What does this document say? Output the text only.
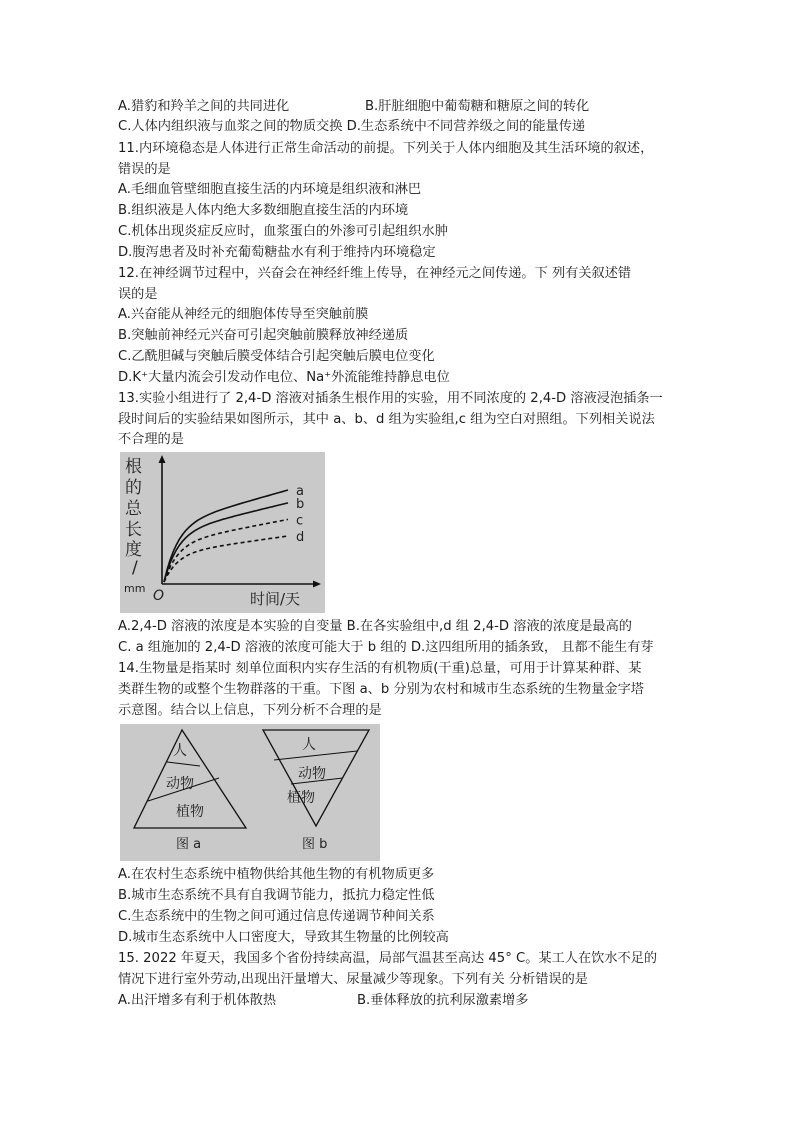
A.猎豹和羚羊之间的共同进化	B.肝脏细胞中葡萄糖和糖原之间的转化
C.人体内组织液与血浆之间的物质交换 D.生态系统中不同营养级之间的能量传递
11.内环境稳态是人体进行正常生命活动的前提。下列关于人体内细胞及其生活环境的叙述，
错误的是
A.毛细血管壁细胞直接生活的内环境是组织液和淋巴
B.组织液是人体内绝大多数细胞直接生活的内环境
C.机体出现炎症反应时，血浆蛋白的外渗可引起组织水肿
D.腹泻患者及时补充葡萄糖盐水有利于维持内环境稳定
12.在神经调节过程中，兴奋会在神经纤维上传导，在神经元之间传递。下 列有关叙述错
误的是
A.兴奋能从神经元的细胞体传导至突触前膜
B.突触前神经元兴奋可引起突触前膜释放神经递质
C.乙酰胆碱与突触后膜受体结合引起突触后膜电位变化
D.K⁺大量内流会引发动作电位、Na⁺外流能维持静息电位
13.实验小组进行了 2,4-D 溶液对插条生根作用的实验，用不同浓度的 2,4-D 溶液浸泡插条一
段时间后的实验结果如图所示，其中 a、b、d 组为实验组,c 组为空白对照组。下列相关说法
不合理的是
根
的
总
长
度
/
mm O	时间/天
a
b
c
d
A.2,4-D 溶液的浓度是本实验的自变量 B.在各实验组中,d 组 2,4-D 溶液的浓度是最高的
C. a 组施加的 2,4-D 溶液的浓度可能大于 b 组的 D.这四组所用的插条致， 且都不能生有芽
14.生物量是指某时 刻单位面积内实存生活的有机物质(干重)总量，可用于计算某种群、某
类群生物的或整个生物群落的干重。下图 a、b 分别为农村和城市生态系统的生物量金字塔
示意图。结合以上信息，下列分析不合理的是
人
动物
植物
图 a
人
动物
植物
图 b
A.在农村生态系统中植物供给其他生物的有机物质更多
B.城市生态系统不具有自我调节能力，抵抗力稳定性低
C.生态系统中的生物之间可通过信息传递调节种间关系
D.城市生态系统中人口密度大，导致其生物量的比例较高
15. 2022 年夏天，我国多个省份持续高温，局部气温甚至高达 45° C。某工人在饮水不足的
情况下进行室外劳动,出现出汗量增大、尿量减少等现象。下列有关 分析错误的是
A.出汗增多有利于机体散热	B.垂体释放的抗利尿激素增多
